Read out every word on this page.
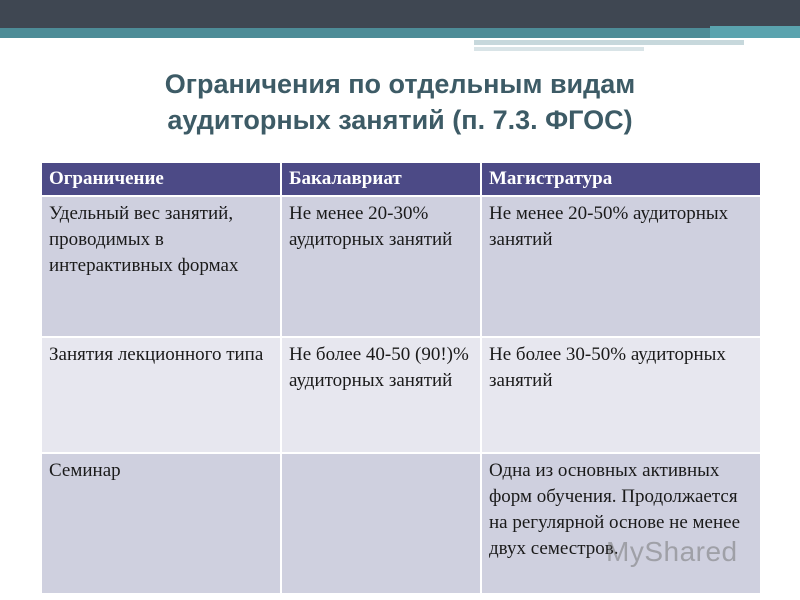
Ограничения по отдельным видам
аудиторных занятий (п. 7.3. ФГОС)
Ограничение	Бакалавриат	Магистратура
Удельный вес занятий, проводимых в интерактивных формах	Не менее 20-30% аудиторных занятий	Не менее 20-50% аудиторных занятий
Занятия лекционного типа	Не более 40-50 (90!)% аудиторных занятий	Не более 30-50% аудиторных занятий
Семинар		Одна из основных активных форм обучения. Продолжается на регулярной основе не менее двух семестров.
MyShared
